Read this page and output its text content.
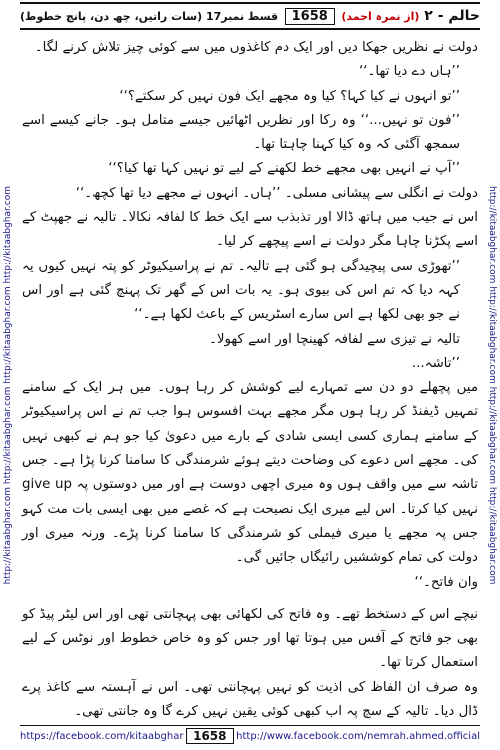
http://kitaabghar.com http://kitaabghar.com http://kitaabghar.com http://kitaabghar.com	http://kitaabghar.com http://kitaabghar.com http://kitaabghar.com http://kitaabghar.com
قسط نمبر17 (سات راتیں، چھ دن، پانچ خطوط)	1658	حالم - ٢ (از نمرہ احمد)

دولت نے نظریں جھکا دیں اور ایک دم کاغذوں میں سے کوئی چیز تلاش کرنے لگا۔

’’ہاں دے دیا تھا۔‘‘

’’تو انہوں نے کیا کہا؟ کیا وہ مجھے ایک فون نہیں کر سکتے؟‘‘

’’فون تو نہیں...‘‘ وہ رکا اور نظریں اٹھائیں جیسے متامل ہو۔ جانے کیسے اسے سمجھ آگئی کہ وہ کیا کہنا چاہتا تھا۔

’’آپ نے انہیں بھی مجھے خط لکھنے کے لیے تو نہیں کہا تھا کیا؟‘‘

دولت نے انگلی سے پیشانی مسلی۔ ’’ہاں۔ انہوں نے مجھے دیا تھا کچھ۔‘‘

اس نے جیب میں ہاتھ ڈالا اور تذبذب سے ایک خط کا لفافہ نکالا۔ تالیہ نے جھپٹ کے اسے پکڑنا چاہا مگر دولت نے اسے پیچھے کر لیا۔

’’تھوڑی سی پیچیدگی ہو گئی ہے تالیہ۔ تم نے پراسیکیوٹر کو پتہ نہیں کیوں یہ کہہ دیا کہ تم اس کی بیوی ہو۔ یہ بات اس کے گھر تک پہنچ گئی ہے اور اس نے جو بھی لکھا ہے اس سارے اسٹریس کے باعث لکھا ہے۔‘‘

تالیہ نے تیزی سے لفافہ کھینچا اور اسے کھولا۔

’’تاشہ...

میں پچھلے دو دن سے تمہارے لیے کوشش کر رہا ہوں۔ میں ہر ایک کے سامنے تمہیں ڈیفنڈ کر رہا ہوں مگر مجھے بہت افسوس ہوا جب تم نے اس پراسیکیوٹر کے سامنے ہماری کسی ایسی شادی کے بارے میں دعویٰ کیا جو ہم نے کبھی نہیں کی۔ مجھے اس دعوے کی وضاحت دیتے ہوئے شرمندگی کا سامنا کرنا پڑا ہے۔ جس تاشہ سے میں واقف ہوں وہ میری اچھی دوست ہے اور میں دوستوں پہ give up نہیں کیا کرتا۔ اس لیے میری ایک نصیحت ہے کہ غصے میں بھی ایسی بات مت کہو جس پہ مجھے یا میری فیملی کو شرمندگی کا سامنا کرنا پڑے۔ ورنہ میری اور دولت کی تمام کوششیں رائیگاں جائیں گی۔

وان فاتح۔‘‘

نیچے اس کے دستخط تھے۔ وہ فاتح کی لکھائی بھی پہچانتی تھی اور اس لیٹر پیڈ کو بھی جو فاتح کے آفس میں ہوتا تھا اور جس کو وہ خاص خطوط اور نوٹس کے لیے استعمال کرتا تھا۔

وہ صرف ان الفاظ کی اذیت کو نہیں پہچانتی تھی۔ اس نے آہستہ سے کاغذ پرے ڈال دیا۔ تالیہ کے سچ پہ اب کبھی کوئی یقین نہیں کرے گا وہ جانتی تھی۔

https://facebook.com/kitaabghar 1658 http://www.facebook.com/nemrah.ahmed.official
